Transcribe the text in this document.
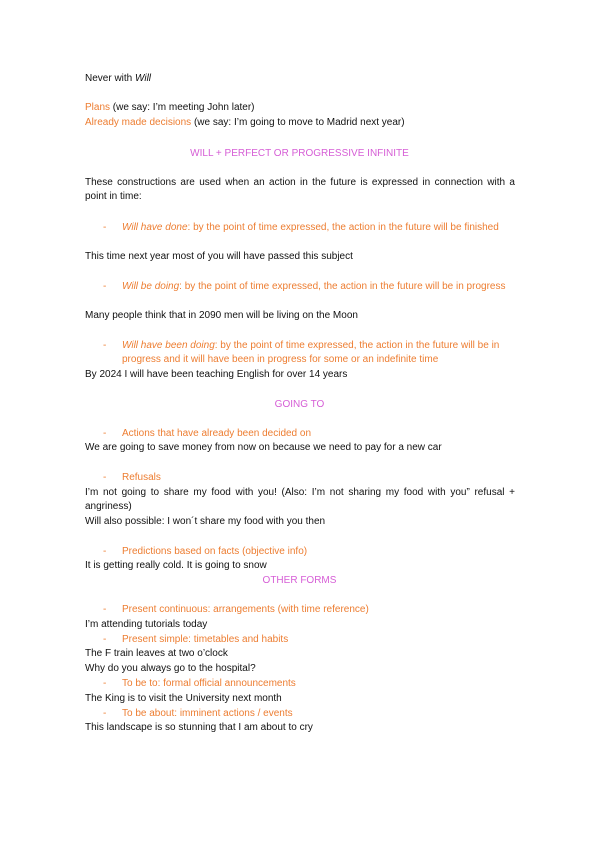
Never with Will
Plans (we say: I’m meeting John later)
Already made decisions (we say: I’m going to move to Madrid next year)
WILL + PERFECT OR PROGRESSIVE INFINITE
These constructions are used when an action in the future is expressed in connection with a point in time:
- Will have done: by the point of time expressed, the action in the future will be finished
This time next year most of you will have passed this subject
- Will be doing: by the point of time expressed, the action in the future will be in progress
Many people think that in 2090 men will be living on the Moon
- Will have been doing: by the point of time expressed, the action in the future will be in progress and it will have been in progress for some or an indefinite time
By 2024 I will have been teaching English for over 14 years
GOING TO
- Actions that have already been decided on
We are going to save money from now on because we need to pay for a new car
- Refusals
I’m not going to share my food with you! (Also: I’m not sharing my food with you” refusal + angriness)
Will also possible: I won´t share my food with you then
- Predictions based on facts (objective info)
It is getting really cold. It is going to snow
OTHER FORMS
- Present continuous: arrangements (with time reference)
I’m attending tutorials today
- Present simple: timetables and habits
The F train leaves at two o’clock
Why do you always go to the hospital?
- To be to: formal official announcements
The King is to visit the University next month
- To be about: imminent actions / events
This landscape is so stunning that I am about to cry
